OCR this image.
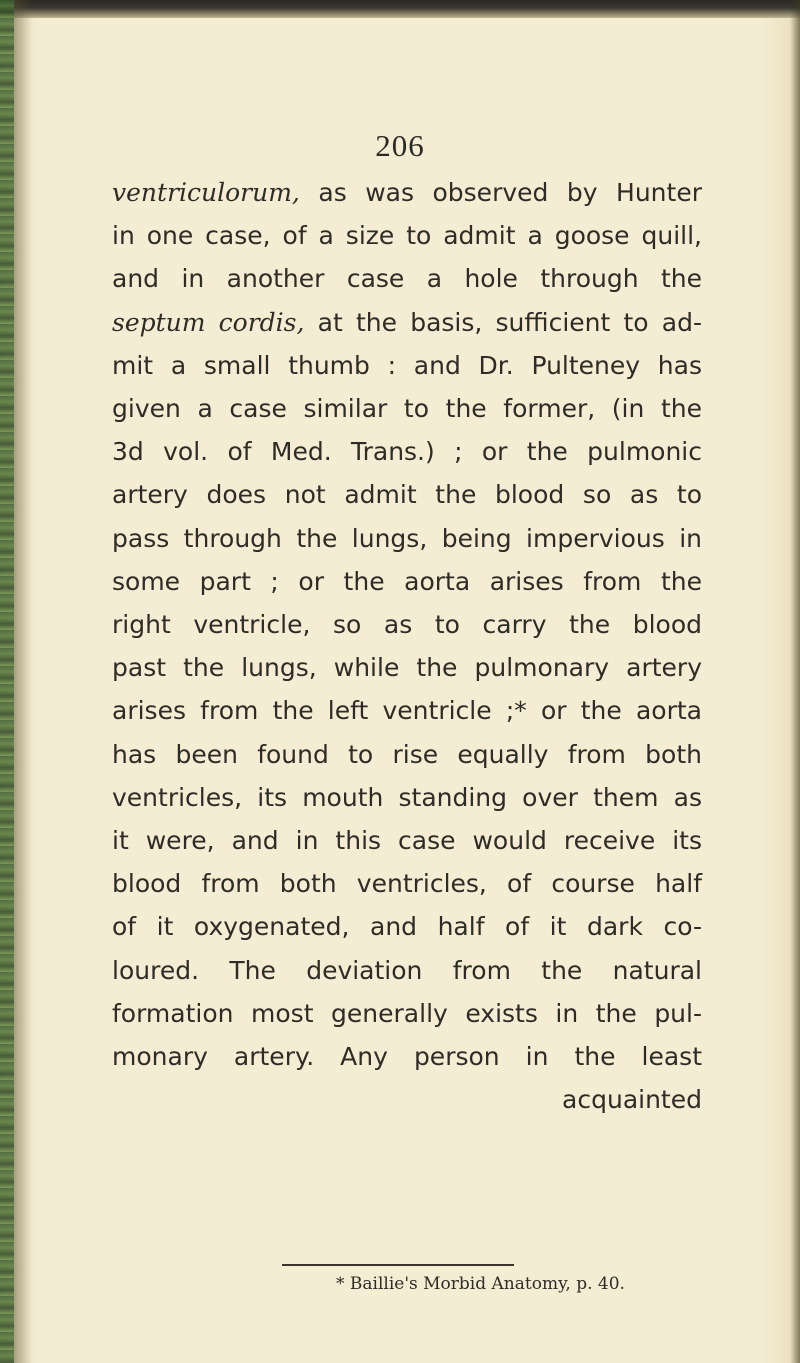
206
ventriculorum, as was observed by Hunter
in one case, of a size to admit a goose quill,
and in another case a hole through the
septum cordis, at the basis, sufficient to ad-
mit a small thumb : and Dr. Pulteney has
given a case similar to the former, (in the
3d vol. of Med. Trans.) ; or the pulmonic
artery does not admit the blood so as to
pass through the lungs, being impervious in
some part ; or the aorta arises from the
right ventricle, so as to carry the blood
past the lungs, while the pulmonary artery
arises from the left ventricle ;* or the aorta
has been found to rise equally from both
ventricles, its mouth standing over them as
it were, and in this case would receive its
blood from both ventricles, of course half
of it oxygenated, and half of it dark co-
loured. The deviation from the natural
formation most generally exists in the pul-
monary artery. Any person in the least
acquainted
* Baillie's Morbid Anatomy, p. 40.
